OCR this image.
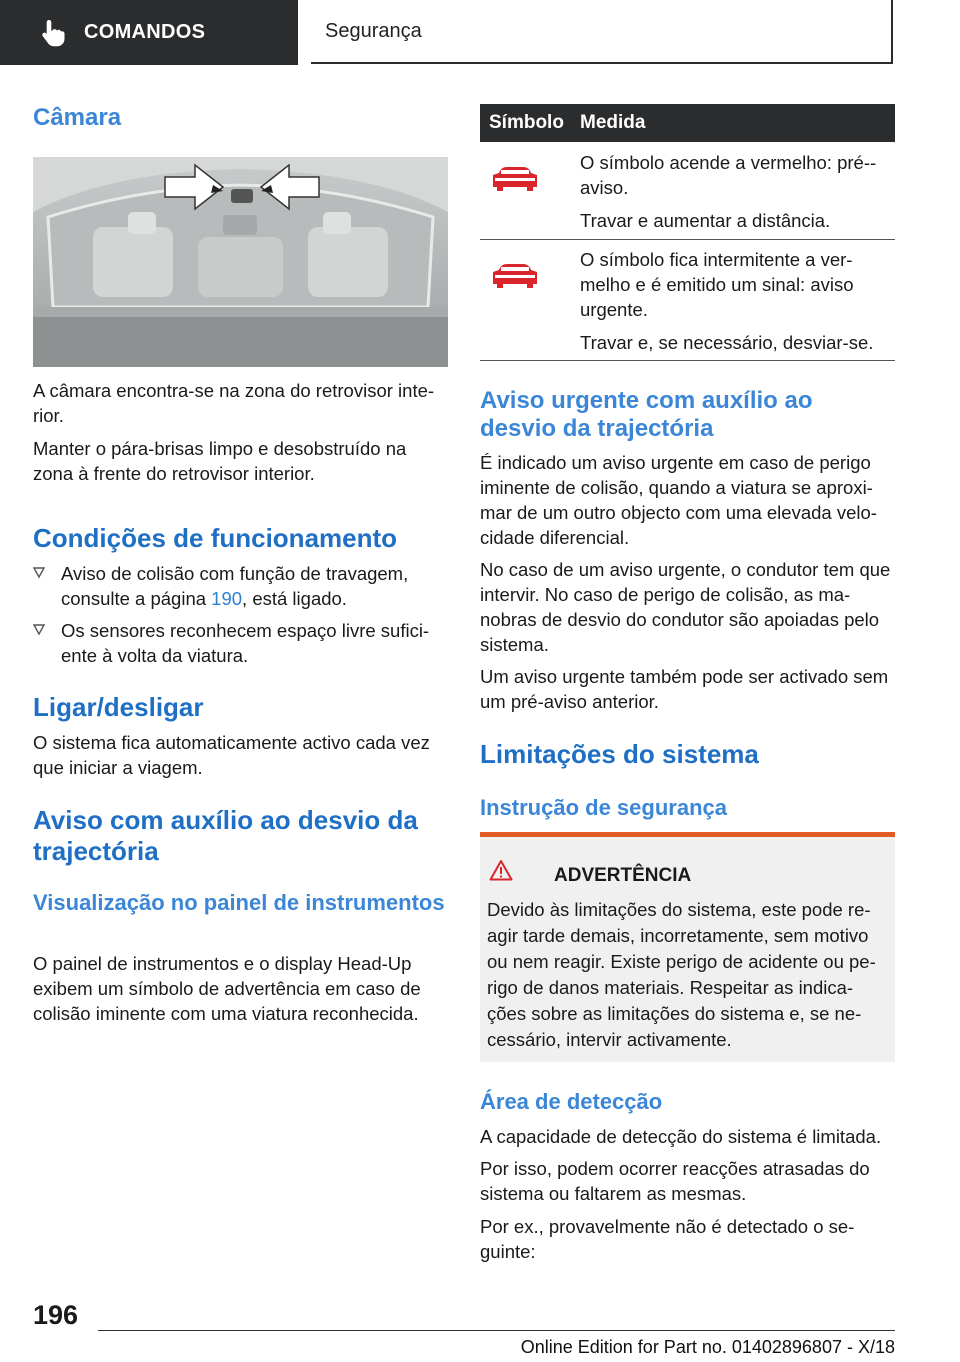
COMANDOS	Segurança
Câmara

A câmara encontra-se na zona do retrovisor inte-rior.

Manter o pára-brisas limpo e desobstruído na zona à frente do retrovisor interior.

Condições de funcionamento
Aviso de colisão com função de travagem, consulte a página 190, está ligado.
Os sensores reconhecem espaço livre sufici-ente à volta da viatura.
Ligar/desligar

O sistema fica automaticamente activo cada vez que iniciar a viagem.

Aviso com auxílio ao desvio da trajectória
Visualização no painel de instrumentos

O painel de instrumentos e o display Head-Up exibem um símbolo de advertência em caso de colisão iminente com uma viatura reconhecida.

Símbolo Medida

O símbolo acende a vermelho: pré--aviso.

Travar e aumentar a distância.

O símbolo fica intermitente a ver-melho e é emitido um sinal: aviso urgente.

Travar e, se necessário, desviar-se.

Aviso urgente com auxílio ao desvio da trajectória

É indicado um aviso urgente em caso de perigo iminente de colisão, quando a viatura se aproxi-mar de um outro objecto com uma elevada velo-cidade diferencial.

No caso de um aviso urgente, o condutor tem que intervir. No caso de perigo de colisão, as ma-nobras de desvio do condutor são apoiadas pelo sistema.

Um aviso urgente também pode ser activado sem um pré-aviso anterior.

Limitações do sistema
Instrução de segurança
ADVERTÊNCIA

Devido às limitações do sistema, este pode re-agir tarde demais, incorretamente, sem motivo ou nem reagir. Existe perigo de acidente ou pe-rigo de danos materiais. Respeitar as indica-ções sobre as limitações do sistema e, se ne-cessário, intervir activamente.

Área de detecção

A capacidade de detecção do sistema é limitada.

Por isso, podem ocorrer reacções atrasadas do sistema ou faltarem as mesmas.

Por ex., provavelmente não é detectado o se-guinte:

196
Online Edition for Part no. 01402896807 - X/18
